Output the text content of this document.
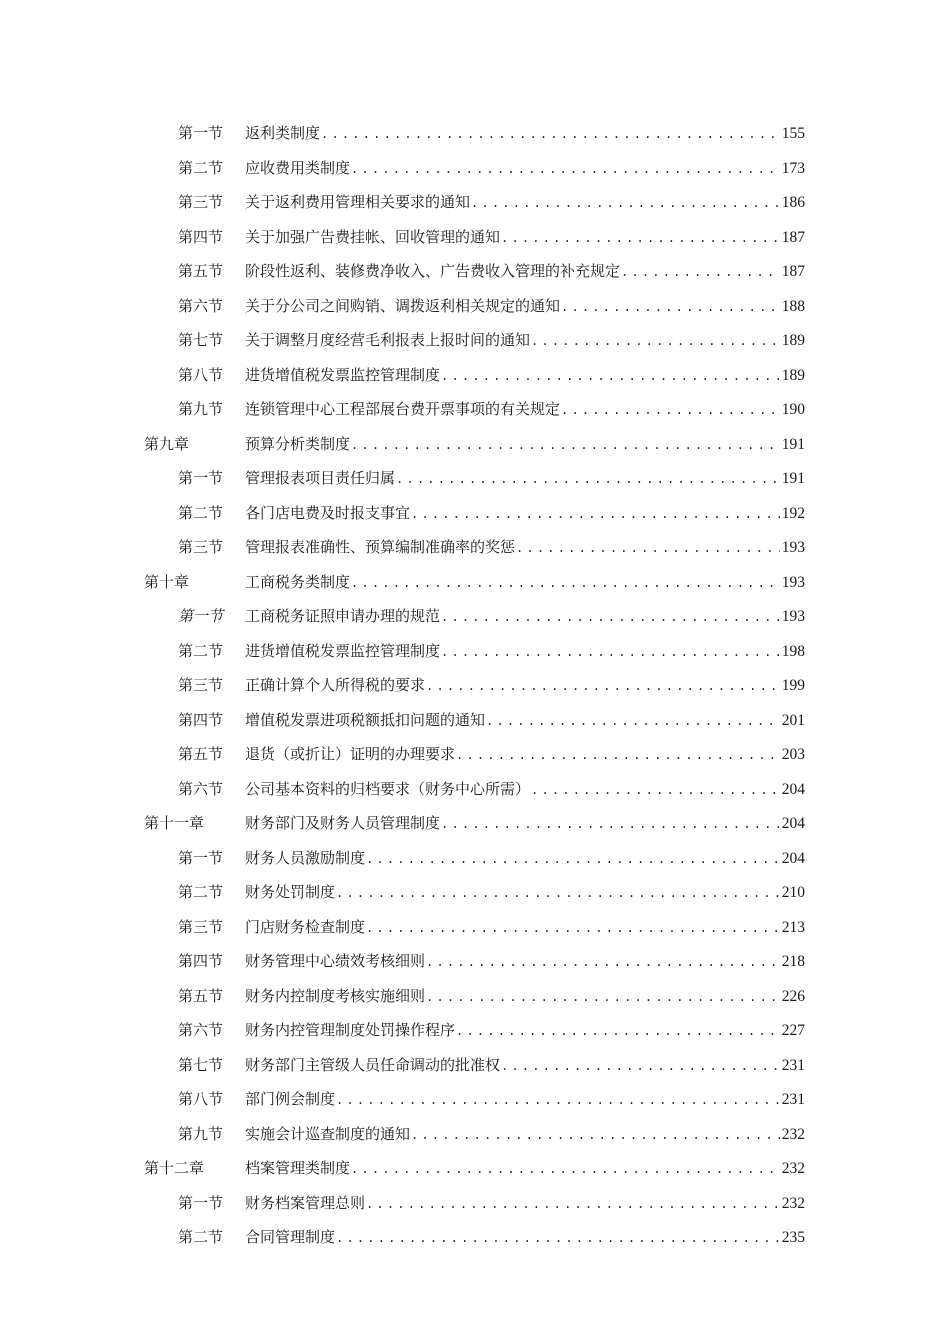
第一节 返利类制度 .....	155
第二节 应收费用类制度 .....	173
第三节 关于返利费用管理相关要求的通知 .....	186
第四节 关于加强广告费挂帐、回收管理的通知 .....	187
第五节 阶段性返利、装修费净收入、广告费收入管理的补充规定 .....	187
第六节 关于分公司之间购销、调拨返利相关规定的通知 .....	188
第七节 关于调整月度经营毛利报表上报时间的通知 .....	189
第八节 进货增值税发票监控管理制度 .....	189
第九节 连锁管理中心工程部展台费开票事项的有关规定 .....	190
第九章	预算分析类制度 .....	191
第一节 管理报表项目责任归属 .....	191
第二节 各门店电费及时报支事宜 .....	192
第三节 管理报表准确性、预算编制准确率的奖惩 .....	193
第十章	工商税务类制度 .....	193
第一节 工商税务证照申请办理的规范 .....	193
第二节 进货增值税发票监控管理制度 .....	198
第三节 正确计算个人所得税的要求 .....	199
第四节 增值税发票进项税额抵扣问题的通知 .....	201
第五节 退货（或折让）证明的办理要求 .....	203
第六节 公司基本资料的归档要求（财务中心所需） .....	204
第十一章	财务部门及财务人员管理制度 .....	204
第一节 财务人员激励制度 .....	204
第二节 财务处罚制度 .....	210
第三节 门店财务检查制度 .....	213
第四节 财务管理中心绩效考核细则 .....	218
第五节 财务内控制度考核实施细则 .....	226
第六节 财务内控管理制度处罚操作程序 .....	227
第七节 财务部门主管级人员任命调动的批准权 .....	231
第八节 部门例会制度 .....	231
第九节 实施会计巡查制度的通知 .....	232
第十二章	档案管理类制度 .....	232
第一节 财务档案管理总则 .....	232
第二节 合同管理制度 .....	235
